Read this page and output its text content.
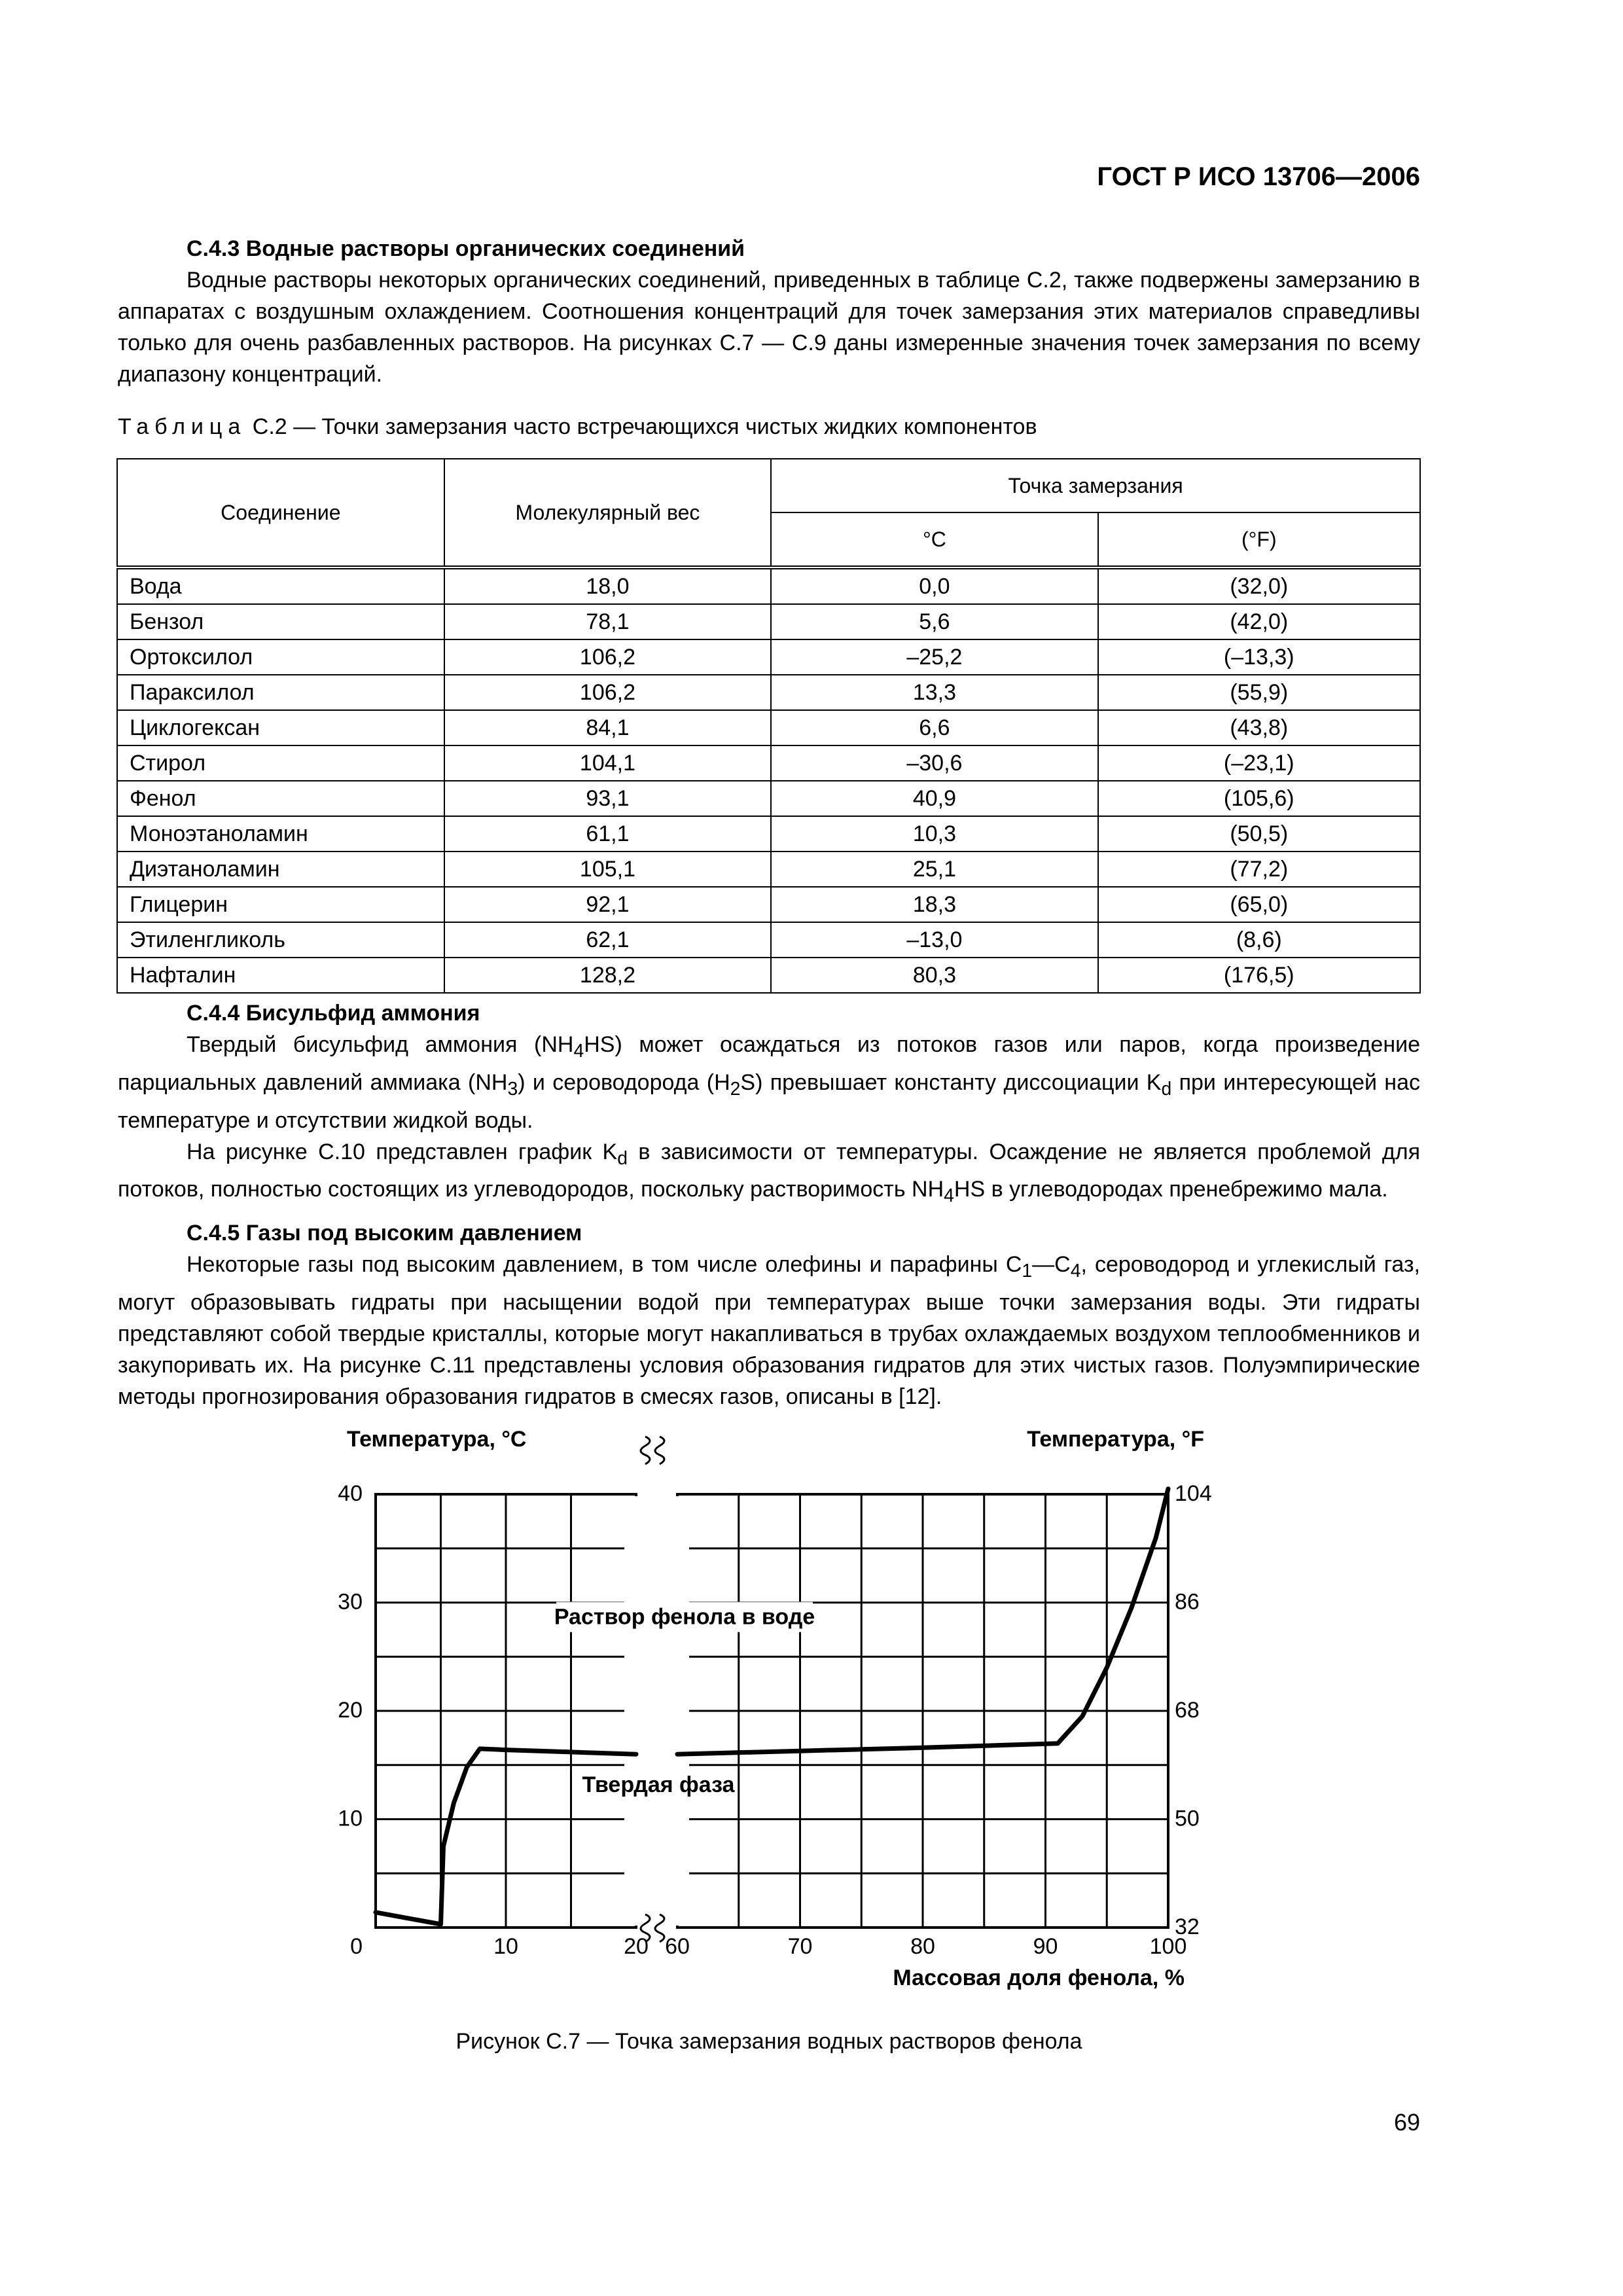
ГОСТ Р ИСО 13706—2006
С.4.3 Водные растворы органических соединений
Водные растворы некоторых органических соединений, приведенных в таблице С.2, также подвержены замерзанию в аппаратах с воздушным охлаждением. Соотношения концентраций для точек замерзания этих материалов справедливы только для очень разбавленных растворов. На рисунках С.7 — С.9 даны измеренные значения точек замерзания по всему диапазону концентраций.
Таблица С.2 — Точки замерзания часто встречающихся чистых жидких компонентов
Соединение	Молекулярный вес	Точка замерзания	
		°C	(°F)
Вода	18,0	0,0	(32,0)
Бензол	78,1	5,6	(42,0)
Ортоксилол	106,2	–25,2	(–13,3)
Параксилол	106,2	13,3	(55,9)
Циклогексан	84,1	6,6	(43,8)
Стирол	104,1	–30,6	(–23,1)
Фенол	93,1	40,9	(105,6)
Моноэтаноламин	61,1	10,3	(50,5)
Диэтаноламин	105,1	25,1	(77,2)
Глицерин	92,1	18,3	(65,0)
Этиленгликоль	62,1	–13,0	(8,6)
Нафталин	128,2	80,3	(176,5)
С.4.4 Бисульфид аммония
Твердый бисульфид аммония $(NH_4HS)$ может осаждаться из потоков газов или паров, когда произведение парциальных давлений аммиака $(NH_3)$ и сероводорода $(H_2S)$ превышает константу диссоциации $K_d$ при интересующей нас температуре и отсутствии жидкой воды.
На рисунке С.10 представлен график $K_d$ в зависимости от температуры. Осаждение не является проблемой для потоков, полностью состоящих из углеводородов, поскольку растворимость $NH_4HS$ в углеводородах пренебрежимо мала.
С.4.5 Газы под высоким давлением
Некоторые газы под высоким давлением, в том числе олефины и парафины $С_1—С_4$, сероводород и углекислый газ, могут образовывать гидраты при насыщении водой при температурах выше точки замерзания воды. Эти гидраты представляют собой твердые кристаллы, которые могут накапливаться в трубах охлаждаемых воздухом теплообменников и закупоривать их. На рисунке С.11 представлены условия образования гидратов для этих чистых газов. Полуэмпирические методы прогнозирования образования гидратов в смесях газов, описаны в [12].
0
10
20
30
40
32
50
68
86
104
10	20 60	70	80	90	100
Температура, °C	Температура, °F
Массовая доля фенола, %
Раствор фенола в воде
Твердая фаза
Рисунок С.7 — Точка замерзания водных растворов фенола
69
